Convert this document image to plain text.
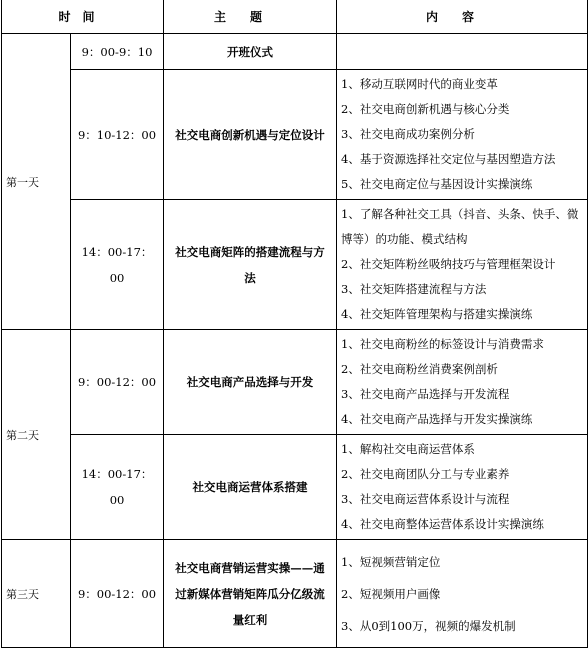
时间		主题	内容
第一天	9：00-9：10	开班仪式	
	9：10-12：00	社交电商创新机遇与定位设计	1、移动互联网时代的商业变革
2、社交电商创新机遇与核心分类
3、社交电商成功案例分析
4、基于资源选择社交定位与基因塑造方法
5、社交电商定位与基因设计实操演练

	14：00-17：00	社交电商矩阵的搭建流程与方法	1、了解各种社交工具（抖音、头条、快手、微博等）的功能、模式结构
2、社交矩阵粉丝吸纳技巧与管理框架设计
3、社交矩阵搭建流程与方法
4、社交矩阵管理架构与搭建实操演练

第二天	9：00-12：00	社交电商产品选择与开发	1、社交电商粉丝的标签设计与消费需求
2、社交电商粉丝消费案例剖析
3、社交电商产品选择与开发流程
4、社交电商产品选择与开发实操演练

	14：00-17：00	社交电商运营体系搭建	1、解构社交电商运营体系
2、社交电商团队分工与专业素养
3、社交电商运营体系设计与流程
4、社交电商整体运营体系设计实操演练

第三天	9：00-12：00	社交电商营销运营实操——通过新媒体营销矩阵瓜分亿级流量红利	1、短视频营销定位
2、短视频用户画像
3、从0到100万，视频的爆发机制
